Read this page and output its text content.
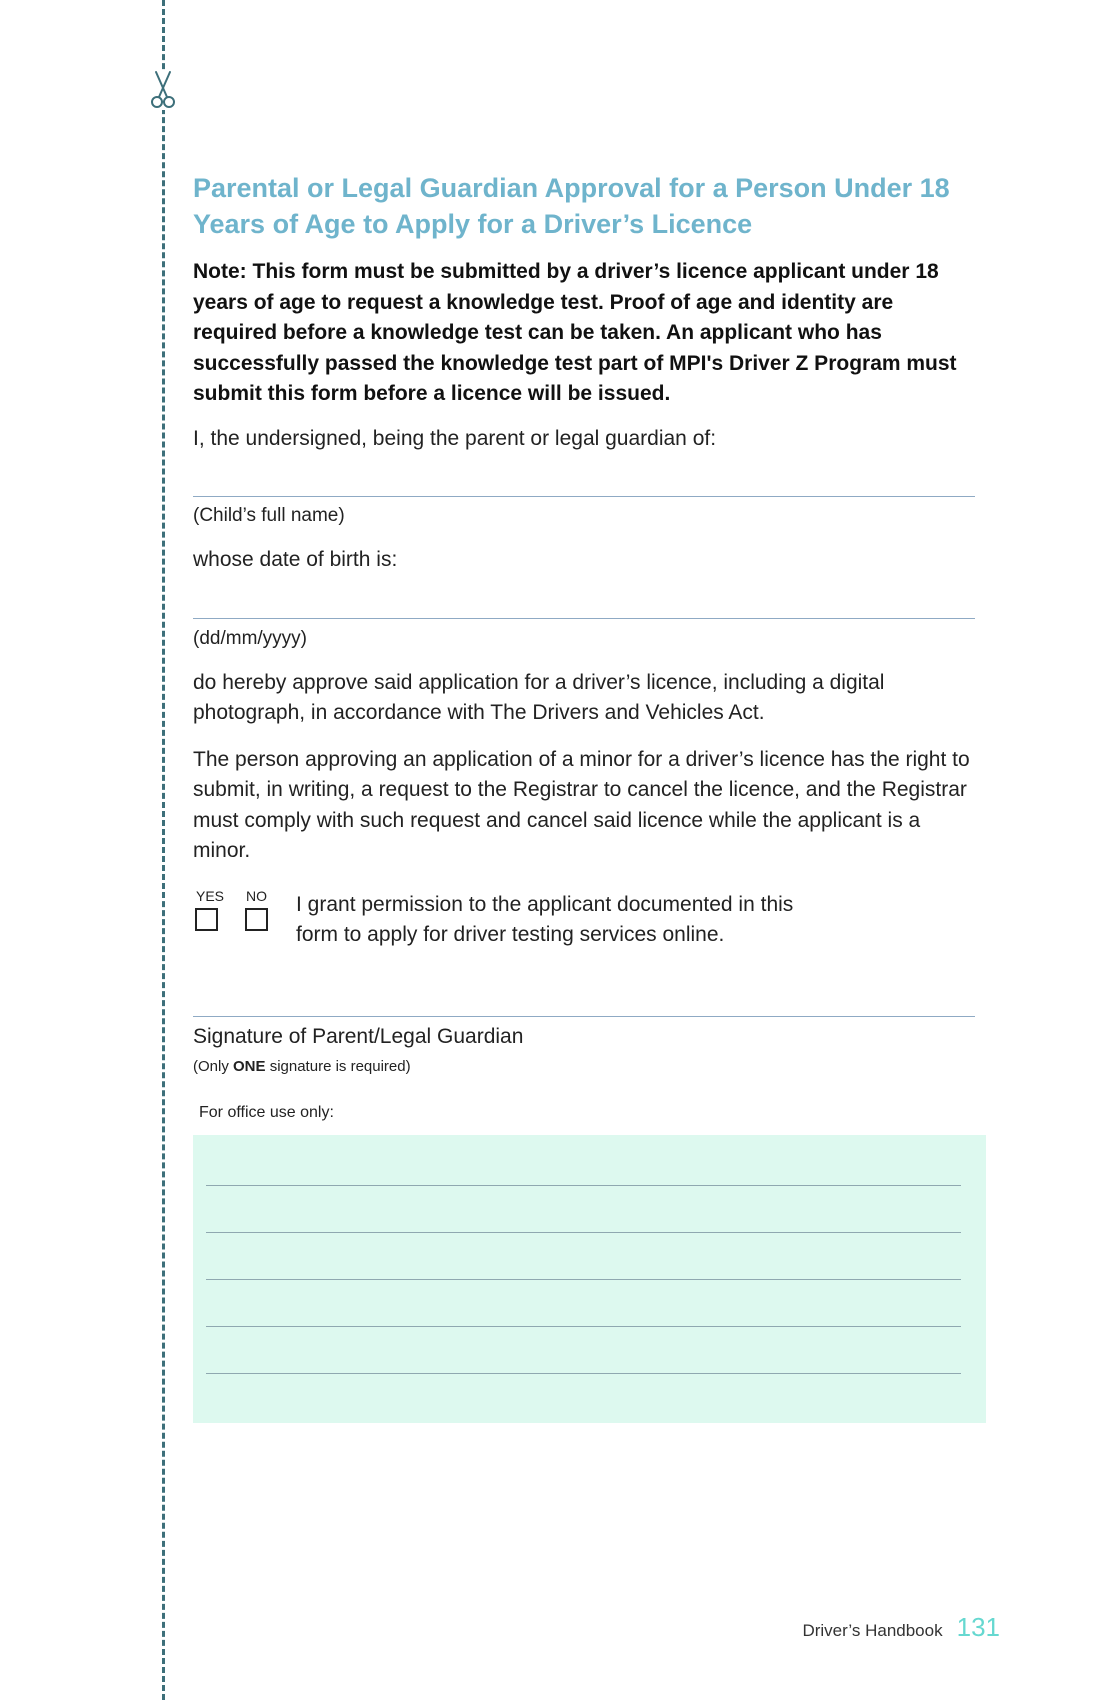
Parental or Legal Guardian Approval for a Person Under 18 Years of Age to Apply for a Driver’s Licence

Note: This form must be submitted by a driver’s licence applicant under 18 years of age to request a knowledge test. Proof of age and identity are required before a knowledge test can be taken. An applicant who has successfully passed the knowledge test part of MPI's Driver Z Program must submit this form before a licence will be issued.

I, the undersigned, being the parent or legal guardian of:

(Child’s full name)

whose date of birth is:

(dd/mm/yyyy)

do hereby approve said application for a driver’s licence, including a digital photograph, in accordance with The Drivers and Vehicles Act.

The person approving an application of a minor for a driver’s licence has the right to submit, in writing, a request to the Registrar to cancel the licence, and the Registrar must comply with such request and cancel said licence while the applicant is a minor.

YES NO I grant permission to the applicant documented in this form to apply for driver testing services online.

Signature of Parent/Legal Guardian

(Only ONE signature is required)

For office use only:

Driver’s Handbook 131
